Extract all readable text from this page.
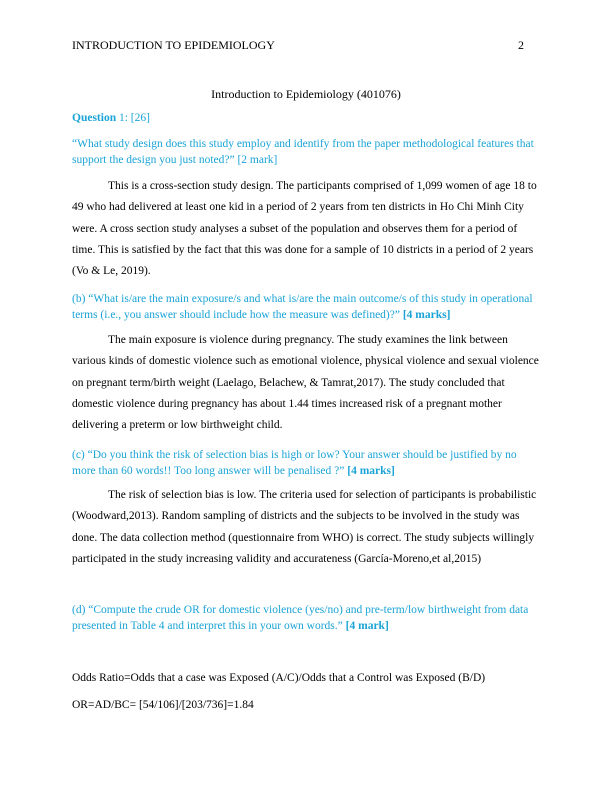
INTRODUCTION TO EPIDEMIOLOGY	2
Introduction to Epidemiology (401076)
Question 1: [26]
“What study design does this study employ and identify from the paper methodological features that support the design you just noted?” [2 mark]
This is a cross-section study design. The participants comprised of 1,099 women of age 18 to 49 who had delivered at least one kid in a period of 2 years from ten districts in Ho Chi Minh City were. A cross section study analyses a subset of the population and observes them for a period of time. This is satisfied by the fact that this was done for a sample of 10 districts in a period of 2 years (Vo & Le, 2019).
(b) “What is/are the main exposure/s and what is/are the main outcome/s of this study in operational terms (i.e., you answer should include how the measure was defined)?” [4 marks]
The main exposure is violence during pregnancy. The study examines the link between various kinds of domestic violence such as emotional violence, physical violence and sexual violence on pregnant term/birth weight (Laelago, Belachew, & Tamrat,2017). The study concluded that domestic violence during pregnancy has about 1.44 times increased risk of a pregnant mother delivering a preterm or low birthweight child.
(c) “Do you think the risk of selection bias is high or low? Your answer should be justified by no more than 60 words!! Too long answer will be penalised ?” [4 marks]
The risk of selection bias is low. The criteria used for selection of participants is probabilistic (Woodward,2013). Random sampling of districts and the subjects to be involved in the study was done. The data collection method (questionnaire from WHO) is correct. The study subjects willingly participated in the study increasing validity and accurateness (García-Moreno,et al,2015)
(d) “Compute the crude OR for domestic violence (yes/no) and pre-term/low birthweight from data presented in Table 4 and interpret this in your own words.” [4 mark]
Odds Ratio=Odds that a case was Exposed (A/C)/Odds that a Control was Exposed (B/D)
OR=AD/BC= [54/106]/[203/736]=1.84
